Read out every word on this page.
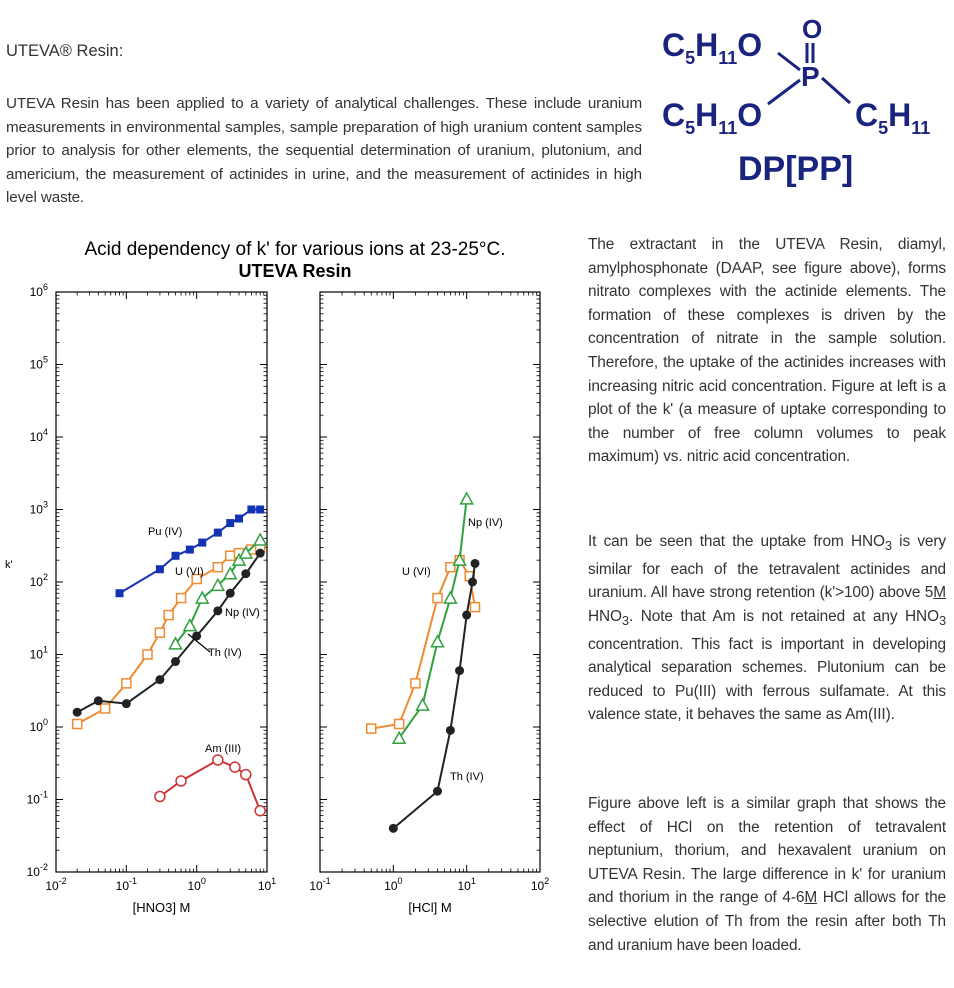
UTEVA® Resin:
UTEVA Resin has been applied to a variety of analytical challenges. These include uranium measurements in environmental samples, sample preparation of high uranium content samples prior to analysis for other elements, the sequential determination of uranium, plutonium, and americium, the measurement of actinides in urine, and the measurement of actinides in high level waste.
$C_5H_{11}O$
$C_5H_{11}O$	$C_5H_{11}$
O
P
DP[PP]

The extractant in the UTEVA Resin, diamyl, amylphosphonate (DAAP, see figure above), forms nitrato complexes with the actinide elements. The formation of these complexes is driven by the concentration of nitrate in the sample solution. Therefore, the uptake of the actinides increases with increasing nitric acid concentration. Figure at left is a plot of the k' (a measure of uptake corresponding to the number of free column volumes to peak maximum) vs. nitric acid concentration.

It can be seen that the uptake from $HNO_3$ is very similar for each of the tetravalent actinides and uranium. All have strong retention (k'>100) above 5M $HNO_3$. Note that Am is not retained at any $HNO_3$ concentration. This fact is important in developing analytical separation schemes. Plutonium can be reduced to Pu(III) with ferrous sulfamate. At this valence state, it behaves the same as Am(III).

Figure above left is a similar graph that shows the effect of HCl on the retention of tetravalent neptunium, thorium, and hexavalent uranium on UTEVA Resin. The large difference in k' for uranium and thorium in the range of 4-6M HCl allows for the selective elution of Th from the resin after both Th and uranium have been loaded.

Acid dependency of k' for various ions at 23-25°C.
UTEVA Resin
k'
$10^{-2}$	$10^{-1}$	$10^0$	$10^1$
[HNO3] M
Pu (IV)
U (VI)
Np (IV)
Th (IV)
Am (III)
$10^{-1}$	$10^0$	$10^1$	$10^2$
[HCl] M
U (VI)
Np (IV)
Th (IV)
$10^6$
$10^5$
$10^4$
$10^3$
$10^2$
$10^1$
$10^0$
$10^{-1}$
$10^{-2}$
